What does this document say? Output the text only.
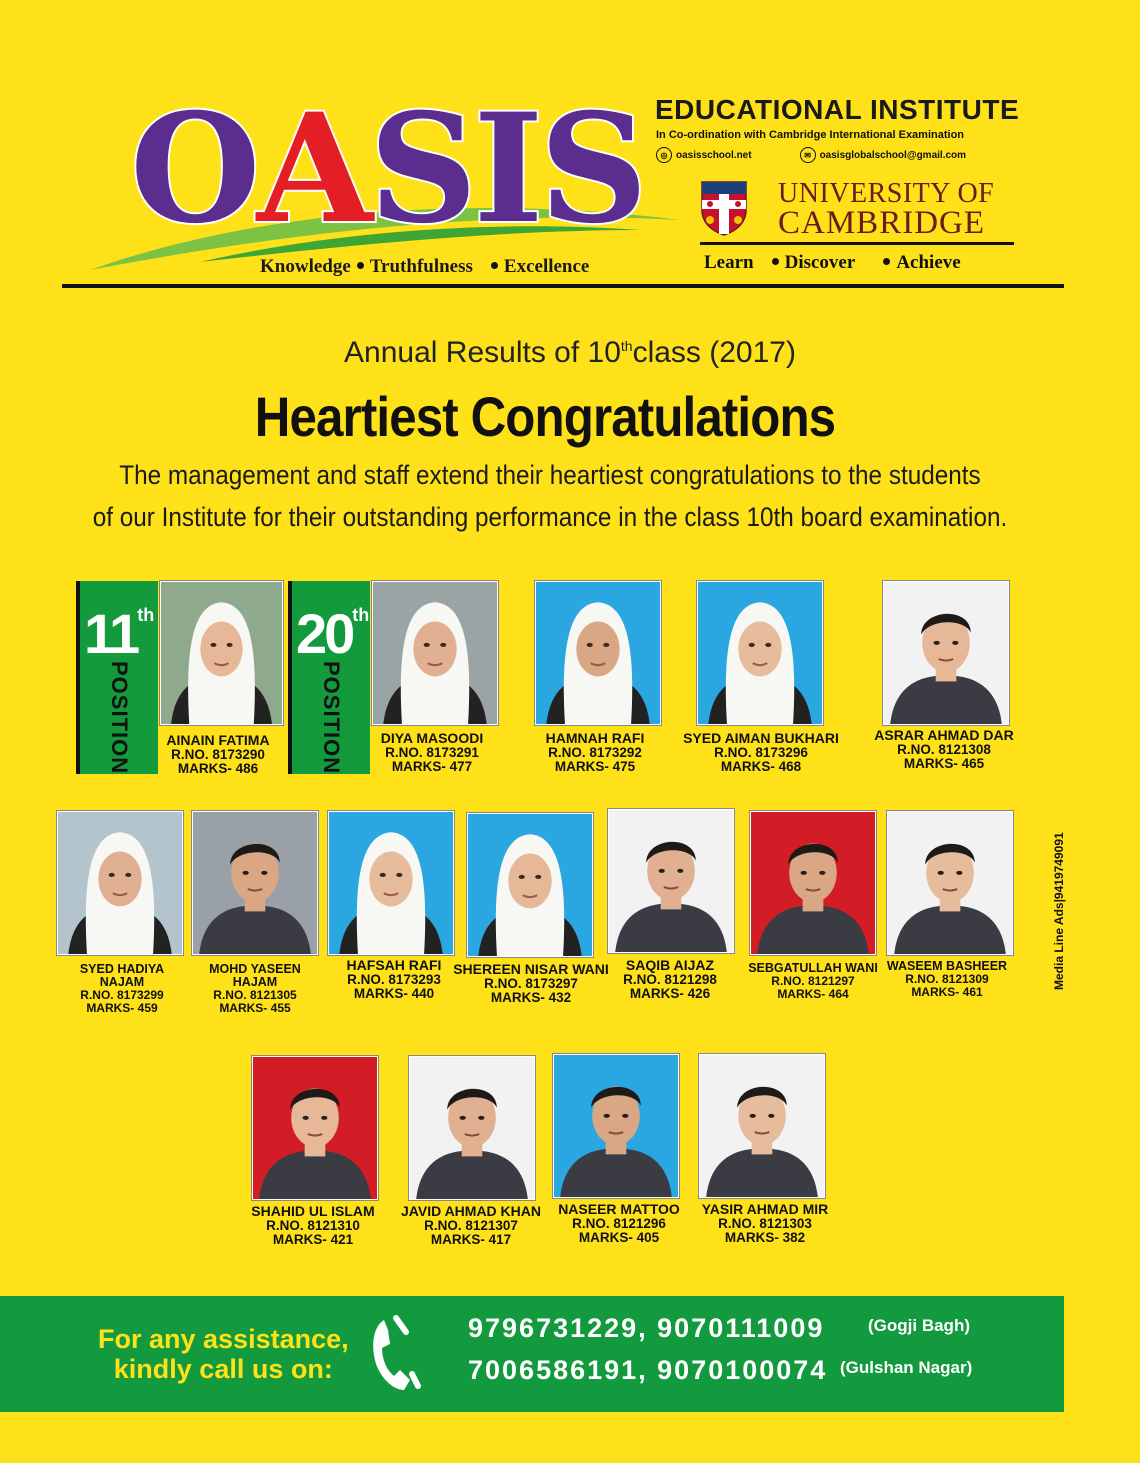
OASIS
Knowledge Truthfulness Excellence
EDUCATIONAL INSTITUTE
In Co-ordination with Cambridge International Examination
◎ oasisschool.net	✉ oasisglobalschool@gmail.com
UNIVERSITY OF
CAMBRIDGE
Learn Discover Achieve
Annual Results of 10thclass (2017)
Heartiest Congratulations
The management and staff extend their heartiest congratulations to the students
of our Institute for their outstanding performance in the class 10th board examination.
11th
POSITION
20th
POSITION
AINAIN FATIMA
R.NO. 8173290
MARKS- 486
DIYA MASOODI
R.NO. 8173291
MARKS- 477
HAMNAH RAFI
R.NO. 8173292
MARKS- 475
SYED AIMAN BUKHARI
R.NO. 8173296
MARKS- 468
ASRAR AHMAD DAR
R.NO. 8121308
MARKS- 465
SYED HADIYA NAJAM
R.NO. 8173299
MARKS- 459
MOHD YASEEN HAJAM
R.NO. 8121305
MARKS- 455
HAFSAH RAFI
R.NO. 8173293
MARKS- 440
SHEREEN NISAR WANI
R.NO. 8173297
MARKS- 432
SAQIB AIJAZ
R.NO. 8121298
MARKS- 426
SEBGATULLAH WANI
R.NO. 8121297
MARKS- 464
WASEEM BASHEER
R.NO. 8121309
MARKS- 461
SHAHID UL ISLAM
R.NO. 8121310
MARKS- 421
JAVID AHMAD KHAN
R.NO. 8121307
MARKS- 417
NASEER MATTOO
R.NO. 8121296
MARKS- 405
YASIR AHMAD MIR
R.NO. 8121303
MARKS- 382
Media Line Ads|9419749091
For any assistance,
kindly call us on:
9796731229, 9070111009	(Gogji Bagh)
7006586191, 9070100074 (Gulshan Nagar)
